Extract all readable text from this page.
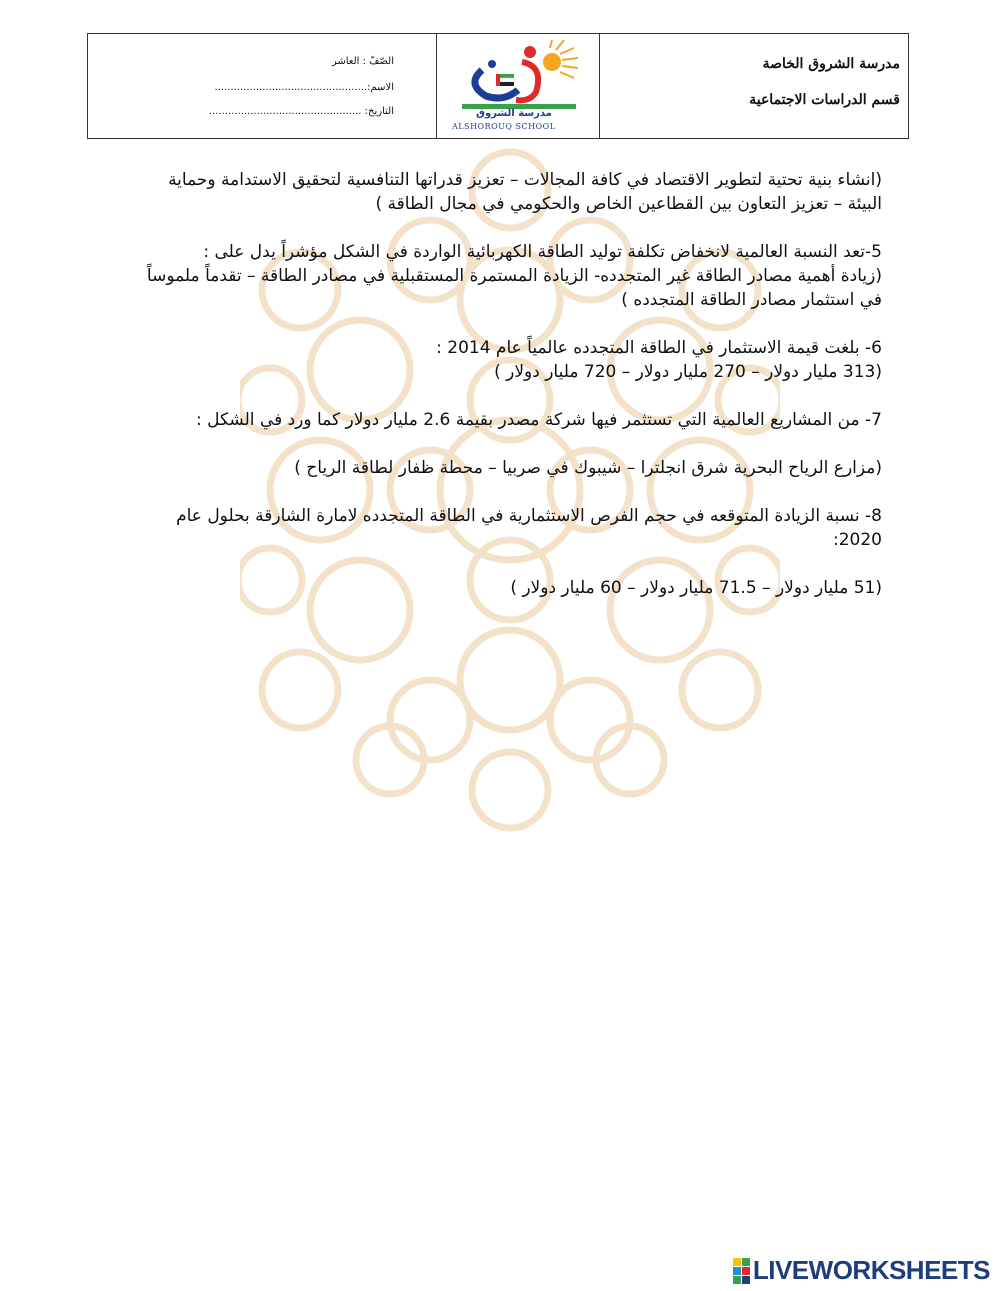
الصّفّ : العاشر
الاسم:................................................
التاريخ: ................................................	مدرسة الشروق
ALSHOROUQ SCHOOL
مدرسة الشروق الخاصة
قسم الدراسات الاجتماعية

(انشاء بنية تحتية لتطوير الاقتصاد في كافة المجالات – تعزيز قدراتها التنافسية لتحقيق الاستدامة وحماية

البيئة – تعزيز التعاون بين القطاعين الخاص والحكومي في مجال الطاقة )

5-تعد النسبة العالمية لانخفاض تكلفة توليد الطاقة الكهربائية الواردة في الشكل مؤشراً يدل على :

(زيادة أهمية مصادر الطاقة غير المتجدده- الزيادة المستمرة المستقبلية في مصادر الطاقة – تقدماً ملموساً

في استثمار مصادر الطاقة المتجدده )

6- بلغت قيمة الاستثمار في الطاقة المتجدده عالمياً عام 2014 :

(313 مليار دولار – 270 مليار دولار – 720 مليار دولار )

7- من المشاريع العالمية التي تستثمر فيها شركة مصدر بقيمة 2.6 مليار دولار كما ورد في الشكل :

(مزارع الرياح البحرية شرق انجلترا – شيبوك في صربيا – محطة ظفار لطاقة الرياح )

8- نسبة الزيادة المتوقعه في حجم الفرص الاستثمارية في الطاقة المتجدده لامارة الشارقة بحلول عام

2020:

(51 مليار دولار – 71.5 مليار دولار – 60 مليار دولار )

LIVEWORKSHEETS
